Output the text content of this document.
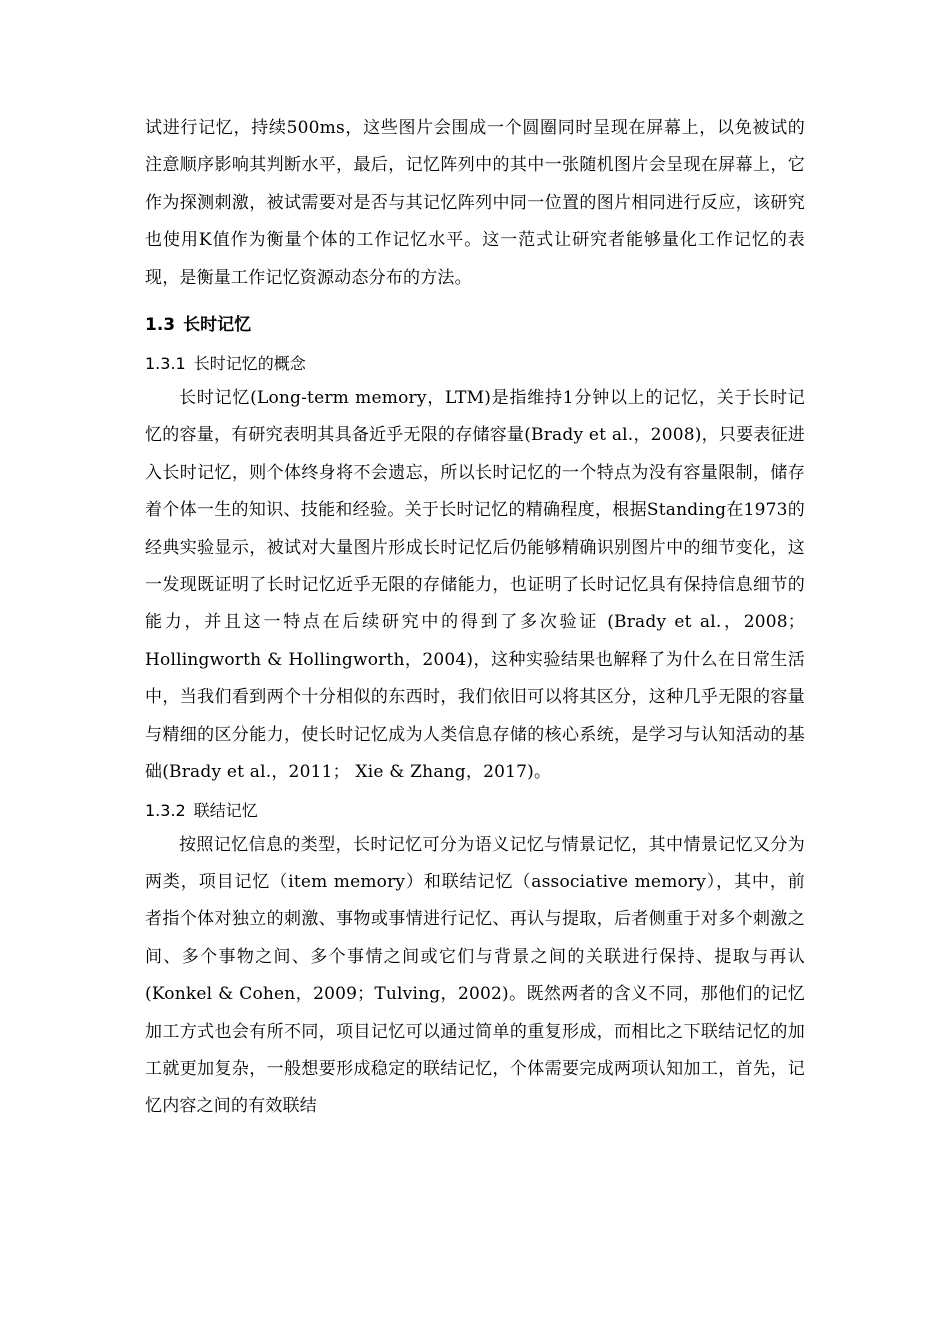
试进行记忆，持续500ms，这些图片会围成一个圆圈同时呈现在屏幕上，以免被试的注意顺序影响其判断水平，最后，记忆阵列中的其中一张随机图片会呈现在屏幕上，它作为探测刺激，被试需要对是否与其记忆阵列中同一位置的图片相同进行反应，该研究也使用K值作为衡量个体的工作记忆水平。这一范式让研究者能够量化工作记忆的表现，是衡量工作记忆资源动态分布的方法。

1.3 长时记忆
1.3.1 长时记忆的概念

长时记忆(Long-term memory，LTM)是指维持1分钟以上的记忆，关于长时记忆的容量，有研究表明其具备近乎无限的存储容量(Brady et al.，2008)，只要表征进入长时记忆，则个体终身将不会遗忘，所以长时记忆的一个特点为没有容量限制，储存着个体一生的知识、技能和经验。关于长时记忆的精确程度，根据Standing在1973的经典实验显示，被试对大量图片形成长时记忆后仍能够精确识别图片中的细节变化，这一发现既证明了长时记忆近乎无限的存储能力，也证明了长时记忆具有保持信息细节的能力，并且这一特点在后续研究中的得到了多次验证 (Brady et al.，2008；Hollingworth & Hollingworth，2004)，这种实验结果也解释了为什么在日常生活中，当我们看到两个十分相似的东西时，我们依旧可以将其区分，这种几乎无限的容量与精细的区分能力，使长时记忆成为人类信息存储的核心系统，是学习与认知活动的基础(Brady et al.，2011； Xie & Zhang，2017)。

1.3.2 联结记忆

按照记忆信息的类型，长时记忆可分为语义记忆与情景记忆，其中情景记忆又分为两类，项目记忆（item memory）和联结记忆（associative memory），其中，前者指个体对独立的刺激、事物或事情进行记忆、再认与提取，后者侧重于对多个刺激之间、多个事物之间、多个事情之间或它们与背景之间的关联进行保持、提取与再认(Konkel & Cohen，2009；Tulving，2002)。既然两者的含义不同，那他们的记忆加工方式也会有所不同，项目记忆可以通过简单的重复形成，而相比之下联结记忆的加工就更加复杂，一般想要形成稳定的联结记忆，个体需要完成两项认知加工，首先，记忆内容之间的有效联结
